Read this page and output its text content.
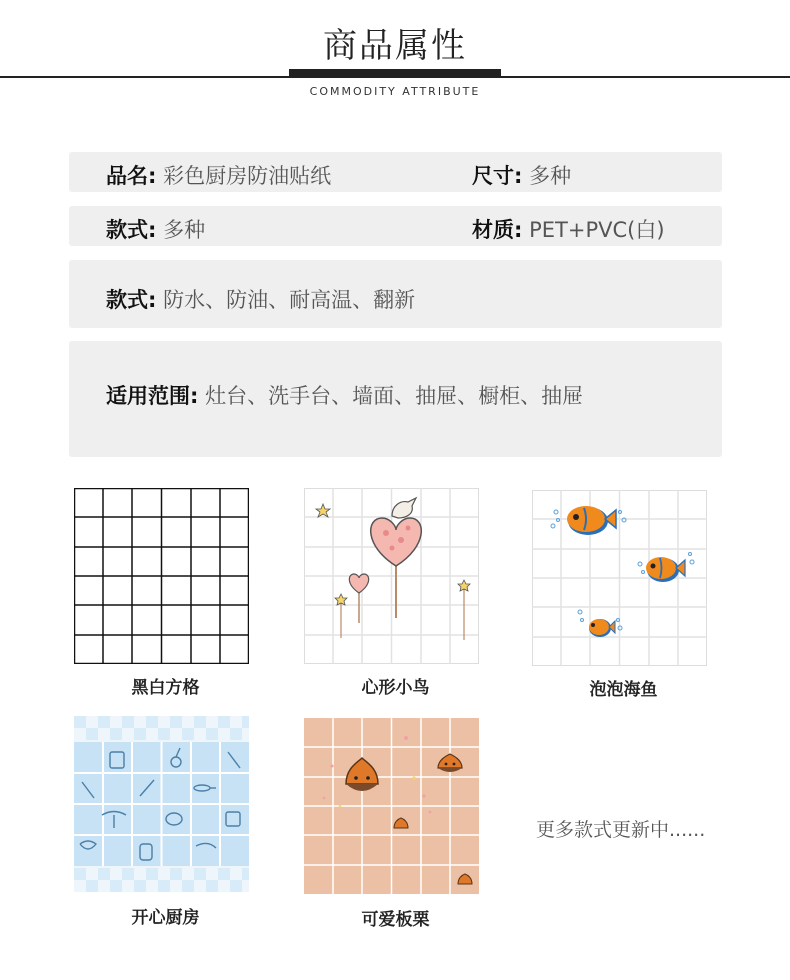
商品属性
COMMODITY ATTRIBUTE
品名: 彩色厨房防油贴纸	尺寸: 多种
款式: 多种	材质: PET+PVC(白)
款式: 防水、防油、耐高温、翻新
适用范围: 灶台、洗手台、墙面、抽屉、橱柜、抽屉
黑白方格	心形小鸟	泡泡海鱼
开心厨房	可爱板栗
更多款式更新中......
